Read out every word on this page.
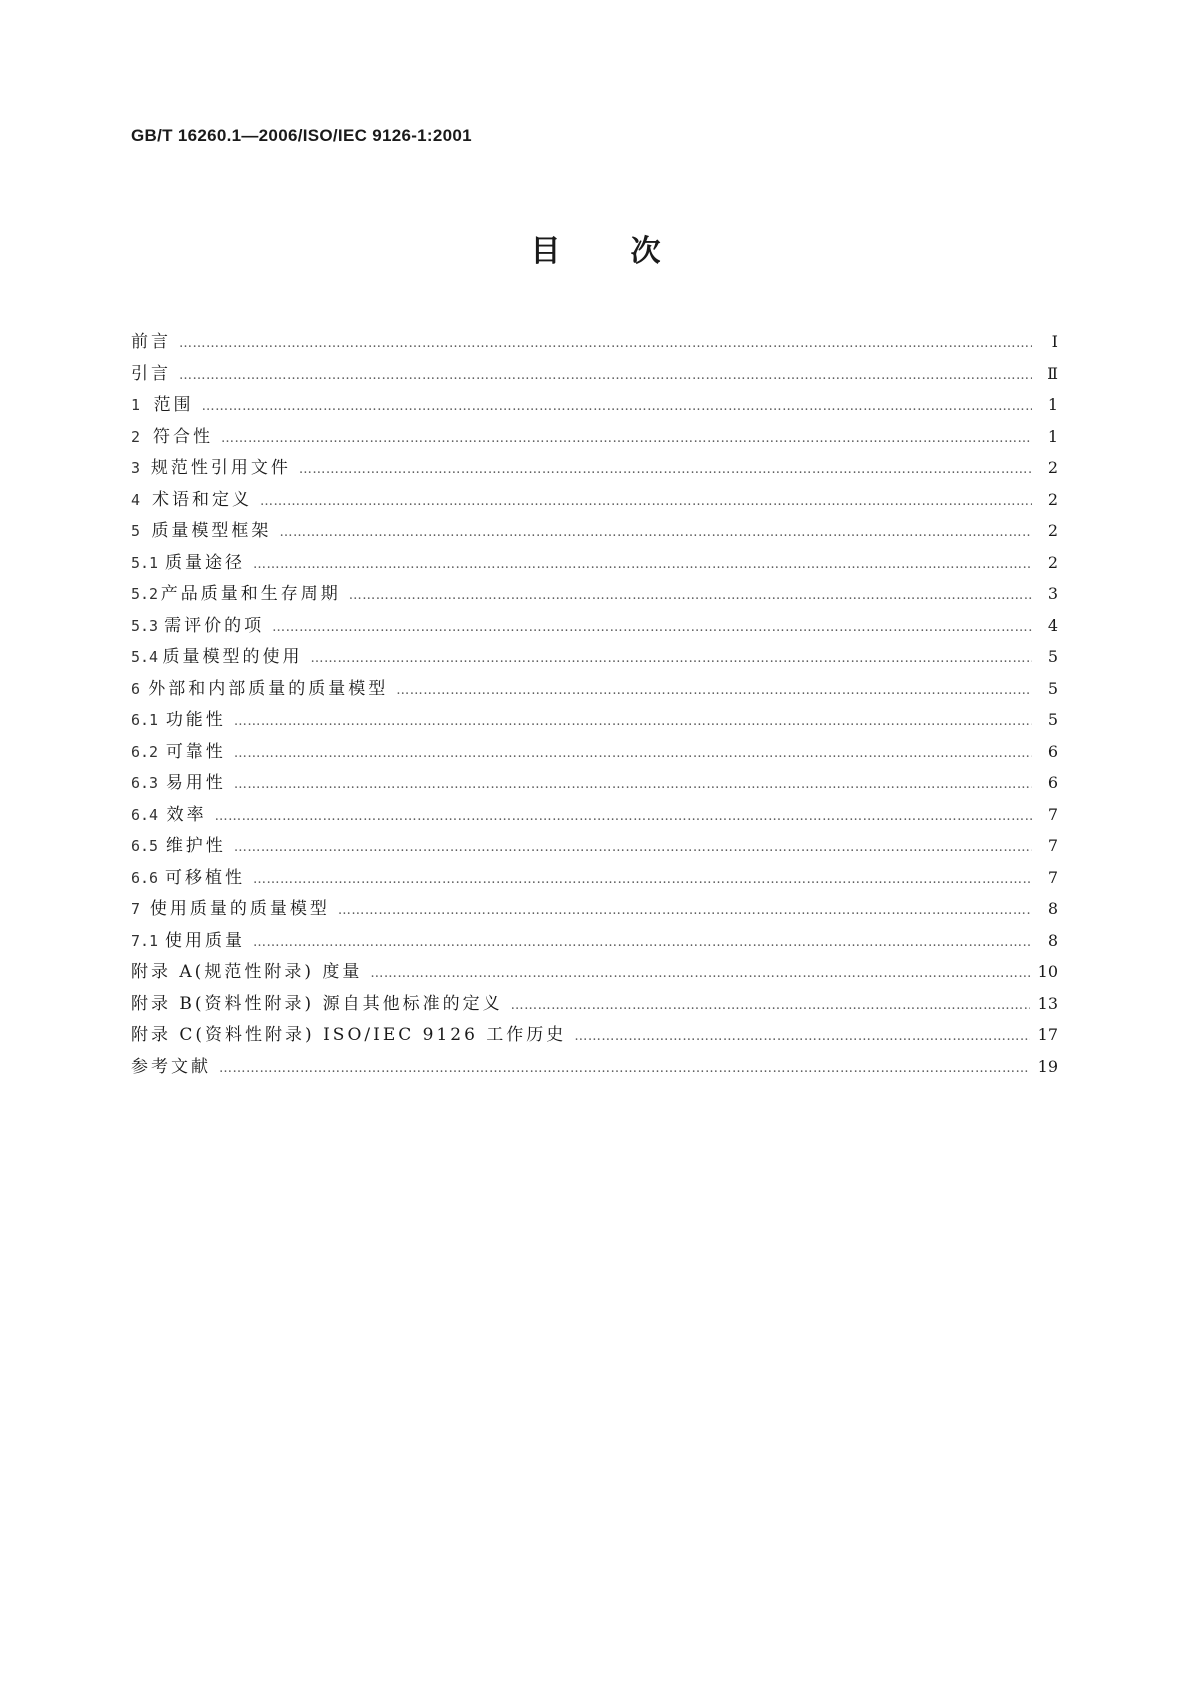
GB/T 16260.1—2006/ISO/IEC 9126-1:2001
目 次
前言 ………………………………………………………………………………………………………………………………………………………………………………………………………………………………………………	Ⅰ
引言 ………………………………………………………………………………………………………………………………………………………………………………………………………………………………………………	Ⅱ
1 范围 ………………………………………………………………………………………………………………………………………………………………………………………………………………………………………………	1
2 符合性 ………………………………………………………………………………………………………………………………………………………………………………………………………………………………………………	1
3 规范性引用文件 ………………………………………………………………………………………………………………………………………………………………………………………………………………………………………………	2
4 术语和定义 ………………………………………………………………………………………………………………………………………………………………………………………………………………………………………………	2
5 质量模型框架 ………………………………………………………………………………………………………………………………………………………………………………………………………………………………………………	2
5.1 质量途径 ………………………………………………………………………………………………………………………………………………………………………………………………………………………………………………	2
5.2 产品质量和生存周期 ………………………………………………………………………………………………………………………………………………………………………………………………………………………………………………	3
5.3 需评价的项 ………………………………………………………………………………………………………………………………………………………………………………………………………………………………………………	4
5.4 质量模型的使用 ………………………………………………………………………………………………………………………………………………………………………………………………………………………………………………	5
6 外部和内部质量的质量模型 ………………………………………………………………………………………………………………………………………………………………………………………………………………………………………………	5
6.1 功能性 ………………………………………………………………………………………………………………………………………………………………………………………………………………………………………………	5
6.2 可靠性 ………………………………………………………………………………………………………………………………………………………………………………………………………………………………………………	6
6.3 易用性 ………………………………………………………………………………………………………………………………………………………………………………………………………………………………………………	6
6.4 效率 ………………………………………………………………………………………………………………………………………………………………………………………………………………………………………………	7
6.5 维护性 ………………………………………………………………………………………………………………………………………………………………………………………………………………………………………………	7
6.6 可移植性 ………………………………………………………………………………………………………………………………………………………………………………………………………………………………………………	7
7 使用质量的质量模型 ………………………………………………………………………………………………………………………………………………………………………………………………………………………………………………	8
7.1 使用质量 ………………………………………………………………………………………………………………………………………………………………………………………………………………………………………………	8
附录 A(规范性附录) 度量 ………………………………………………………………………………………………………………………………………………………………………………………………………………………………………………	10
附录 B(资料性附录) 源自其他标准的定义 ………………………………………………………………………………………………………………………………………………………………………………………………………………………………………………	13
附录 C(资料性附录) ISO/IEC 9126 工作历史 ………………………………………………………………………………………………………………………………………………………………………………………………………………………………………………	17
参考文献 ………………………………………………………………………………………………………………………………………………………………………………………………………………………………………………	19
